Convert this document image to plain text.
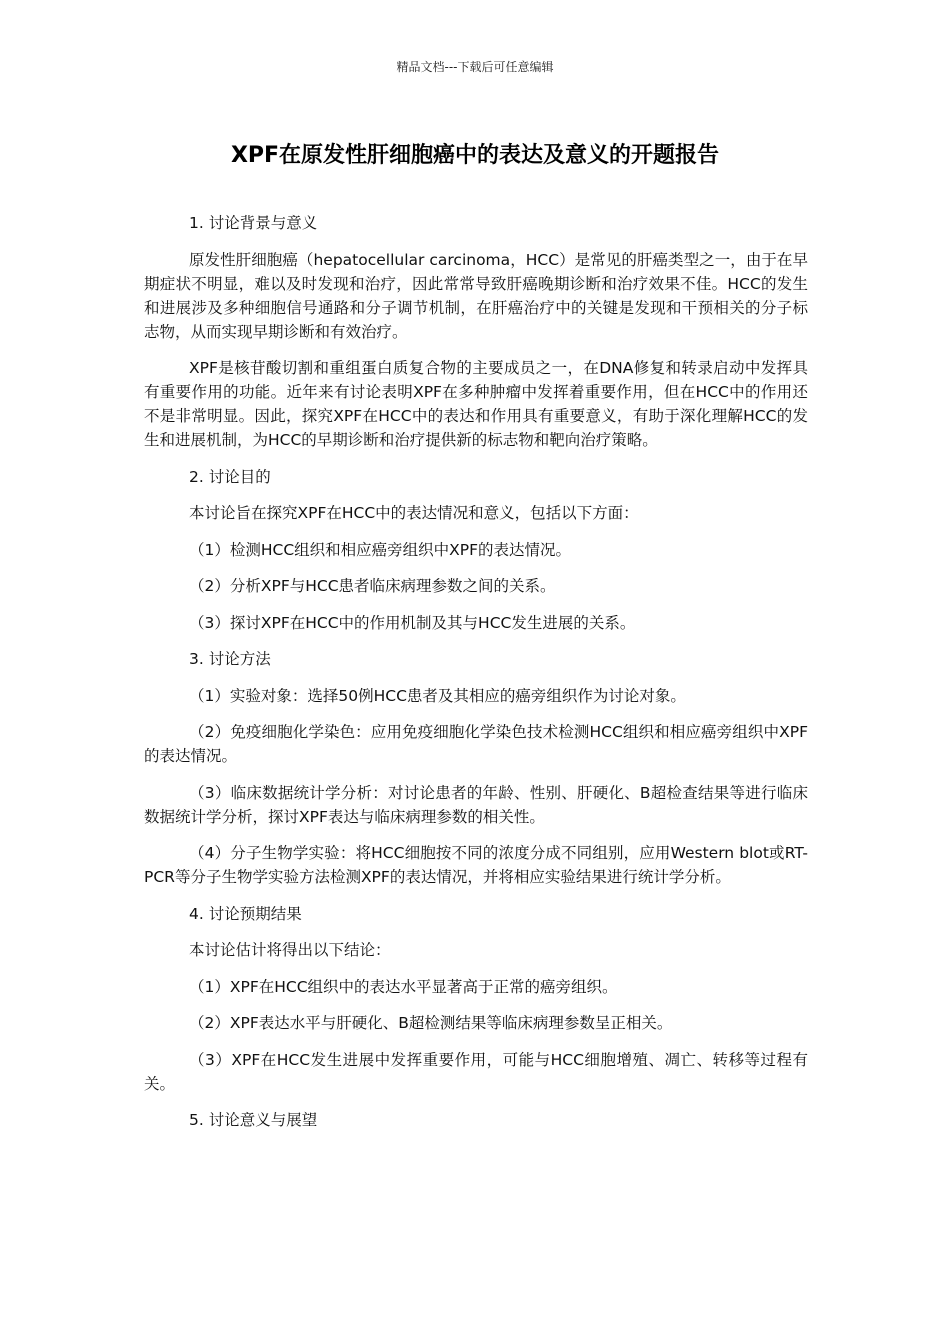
精品文档---下载后可任意编辑
XPF在原发性肝细胞癌中的表达及意义的开题报告

1. 讨论背景与意义

原发性肝细胞癌（hepatocellular carcinoma，HCC）是常见的肝癌类型之一，由于在早期症状不明显，难以及时发现和治疗，因此常常导致肝癌晚期诊断和治疗效果不佳。HCC的发生和进展涉及多种细胞信号通路和分子调节机制，在肝癌治疗中的关键是发现和干预相关的分子标志物，从而实现早期诊断和有效治疗。

XPF是核苷酸切割和重组蛋白质复合物的主要成员之一，在DNA修复和转录启动中发挥具有重要作用的功能。近年来有讨论表明XPF在多种肿瘤中发挥着重要作用，但在HCC中的作用还不是非常明显。因此，探究XPF在HCC中的表达和作用具有重要意义，有助于深化理解HCC的发生和进展机制，为HCC的早期诊断和治疗提供新的标志物和靶向治疗策略。

2. 讨论目的

本讨论旨在探究XPF在HCC中的表达情况和意义，包括以下方面：

（1）检测HCC组织和相应癌旁组织中XPF的表达情况。

（2）分析XPF与HCC患者临床病理参数之间的关系。

（3）探讨XPF在HCC中的作用机制及其与HCC发生进展的关系。

3. 讨论方法

（1）实验对象：选择50例HCC患者及其相应的癌旁组织作为讨论对象。

（2）免疫细胞化学染色：应用免疫细胞化学染色技术检测HCC组织和相应癌旁组织中XPF的表达情况。

（3）临床数据统计学分析：对讨论患者的年龄、性别、肝硬化、B超检查结果等进行临床数据统计学分析，探讨XPF表达与临床病理参数的相关性。

（4）分子生物学实验：将HCC细胞按不同的浓度分成不同组别，应用Western blot或RT-PCR等分子生物学实验方法检测XPF的表达情况，并将相应实验结果进行统计学分析。

4. 讨论预期结果

本讨论估计将得出以下结论：

（1）XPF在HCC组织中的表达水平显著高于正常的癌旁组织。

（2）XPF表达水平与肝硬化、B超检测结果等临床病理参数呈正相关。

（3）XPF在HCC发生进展中发挥重要作用，可能与HCC细胞增殖、凋亡、转移等过程有关。

5. 讨论意义与展望
